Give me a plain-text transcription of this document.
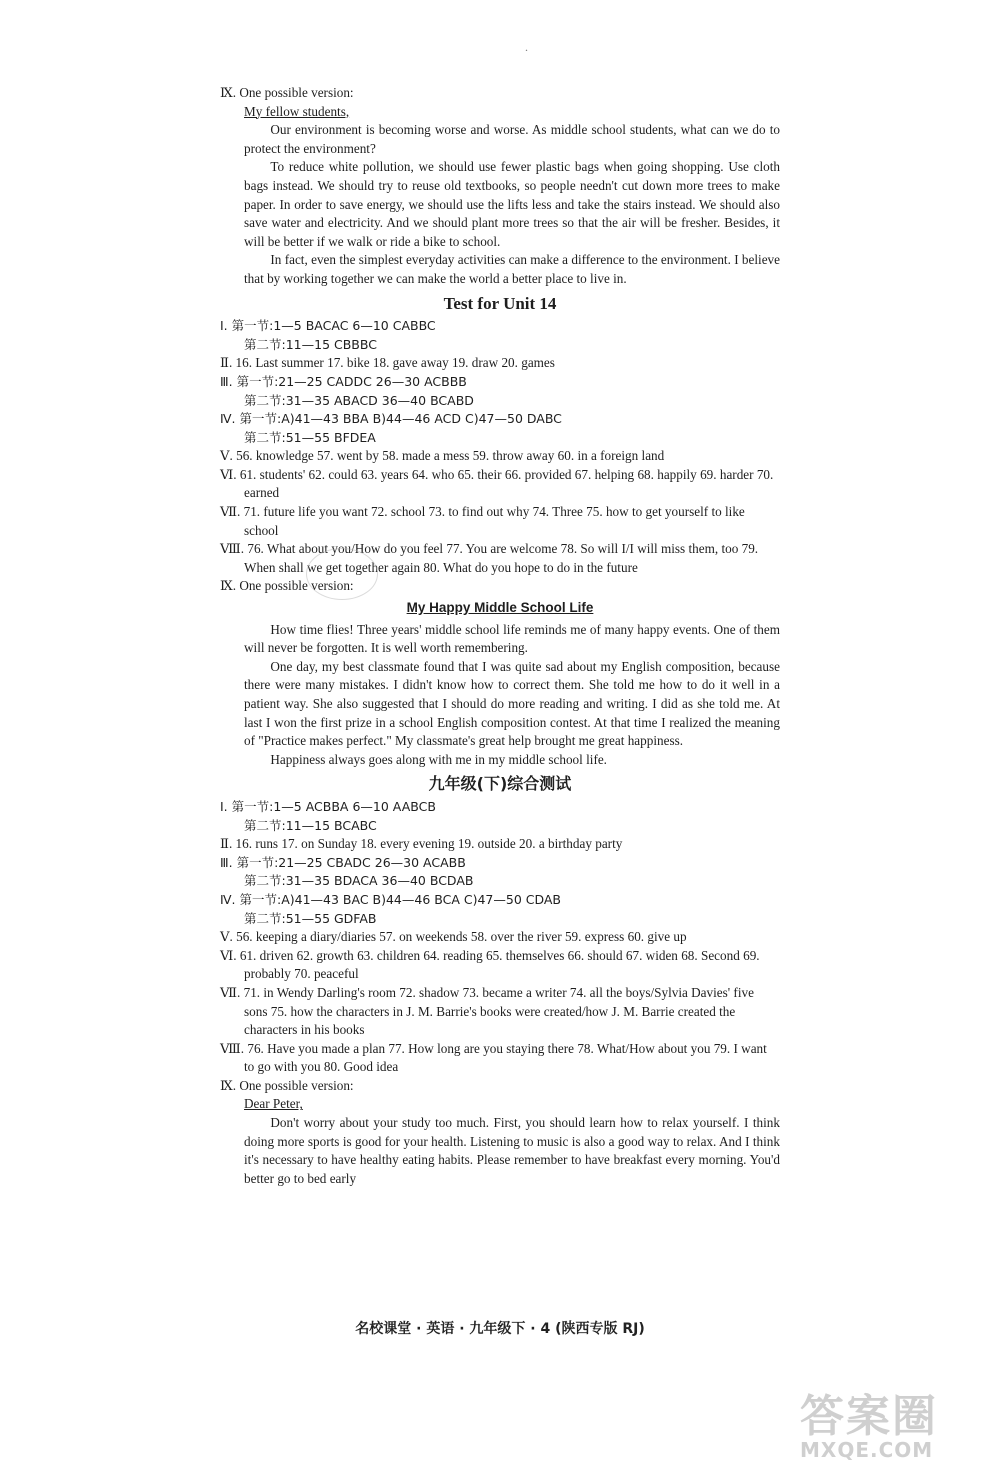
.

Ⅸ. One possible version:

My fellow students,

Our environment is becoming worse and worse. As middle school students, what can we do to protect the environment?

To reduce white pollution, we should use fewer plastic bags when going shopping. Use cloth bags instead. We should try to reuse old textbooks, so people needn't cut down more trees to make paper. In order to save energy, we should use the lifts less and take the stairs instead. We should also save water and electricity. And we should plant more trees so that the air will be fresher. Besides, it will be better if we walk or ride a bike to school.

In fact, even the simplest everyday activities can make a difference to the environment. I believe that by working together we can make the world a better place to live in.

Test for Unit 14

Ⅰ. 第一节:1—5 BACAC 6—10 CABBC

第二节:11—15 CBBBC

Ⅱ. 16. Last summer 17. bike 18. gave away 19. draw 20. games

Ⅲ. 第一节:21—25 CADDC 26—30 ACBBB

第二节:31—35 ABACD 36—40 BCABD

Ⅳ. 第一节:A)41—43 BBA B)44—46 ACD C)47—50 DABC

第二节:51—55 BFDEA

Ⅴ. 56. knowledge 57. went by 58. made a mess 59. throw away 60. in a foreign land

Ⅵ. 61. students' 62. could 63. years 64. who 65. their 66. provided 67. helping 68. happily 69. harder 70. earned

Ⅶ. 71. future life you want 72. school 73. to find out why 74. Three 75. how to get yourself to like school

Ⅷ. 76. What about you/How do you feel 77. You are welcome 78. So will I/I will miss them, too 79. When shall we get together again 80. What do you hope to do in the future

Ⅸ. One possible version:

My Happy Middle School Life

How time flies! Three years' middle school life reminds me of many happy events. One of them will never be forgotten. It is well worth remembering.

One day, my best classmate found that I was quite sad about my English composition, because there were many mistakes. I didn't know how to correct them. She told me how to do it well in a patient way. She also suggested that I should do more reading and writing. I did as she told me. At last I won the first prize in a school English composition contest. At that time I realized the meaning of "Practice makes perfect." My classmate's great help brought me great happiness.

Happiness always goes along with me in my middle school life.

九年级(下)综合测试

Ⅰ. 第一节:1—5 ACBBA 6—10 AABCB

第二节:11—15 BCABC

Ⅱ. 16. runs 17. on Sunday 18. every evening 19. outside 20. a birthday party

Ⅲ. 第一节:21—25 CBADC 26—30 ACABB

第二节:31—35 BDACA 36—40 BCDAB

Ⅳ. 第一节:A)41—43 BAC B)44—46 BCA C)47—50 CDAB

第二节:51—55 GDFAB

Ⅴ. 56. keeping a diary/diaries 57. on weekends 58. over the river 59. express 60. give up

Ⅵ. 61. driven 62. growth 63. children 64. reading 65. themselves 66. should 67. widen 68. Second 69. probably 70. peaceful

Ⅶ. 71. in Wendy Darling's room 72. shadow 73. became a writer 74. all the boys/Sylvia Davies' five sons 75. how the characters in J. M. Barrie's books were created/how J. M. Barrie created the characters in his books

Ⅷ. 76. Have you made a plan 77. How long are you staying there 78. What/How about you 79. I want to go with you 80. Good idea

Ⅸ. One possible version:

Dear Peter,

Don't worry about your study too much. First, you should learn how to relax yourself. I think doing more sports is good for your health. Listening to music is also a good way to relax. And I think it's necessary to have healthy eating habits. Please remember to have breakfast every morning. You'd better go to bed early

名校课堂 · 英语 · 九年级下 · 4 (陕西专版 RJ)
答案圈
MXQE.COM
